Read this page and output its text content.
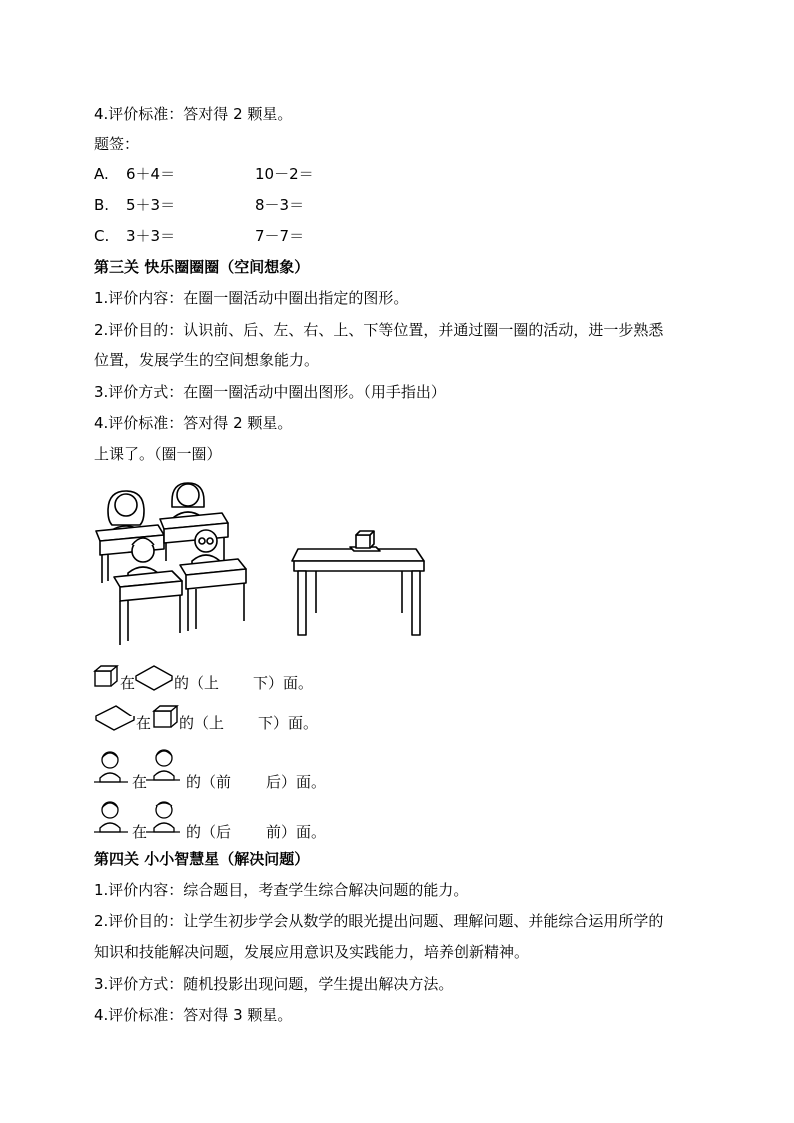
4.评价标准：答对得 2 颗星。
题签：
A. 6＋4＝	10－2＝
B. 5＋3＝	8－3＝
C. 3＋3＝	7－7＝
第三关 快乐圈圈圈（空间想象）
1.评价内容：在圈一圈活动中圈出指定的图形。
2.评价目的：认识前、后、左、右、上、下等位置，并通过圈一圈的活动，进一步熟悉
位置，发展学生的空间想象能力。
3.评价方式：在圈一圈活动中圈出图形。（用手指出）
4.评价标准：答对得 2 颗星。
上课了。（圈一圈）
在	的（上 下）面。
在 的（上 下）面。
在	的（前 后）面。
在	的（后 前）面。
第四关 小小智慧星（解决问题）
1.评价内容：综合题目，考查学生综合解决问题的能力。
2.评价目的：让学生初步学会从数学的眼光提出问题、理解问题、并能综合运用所学的
知识和技能解决问题，发展应用意识及实践能力，培养创新精神。
3.评价方式：随机投影出现问题，学生提出解决方法。
4.评价标准：答对得 3 颗星。
